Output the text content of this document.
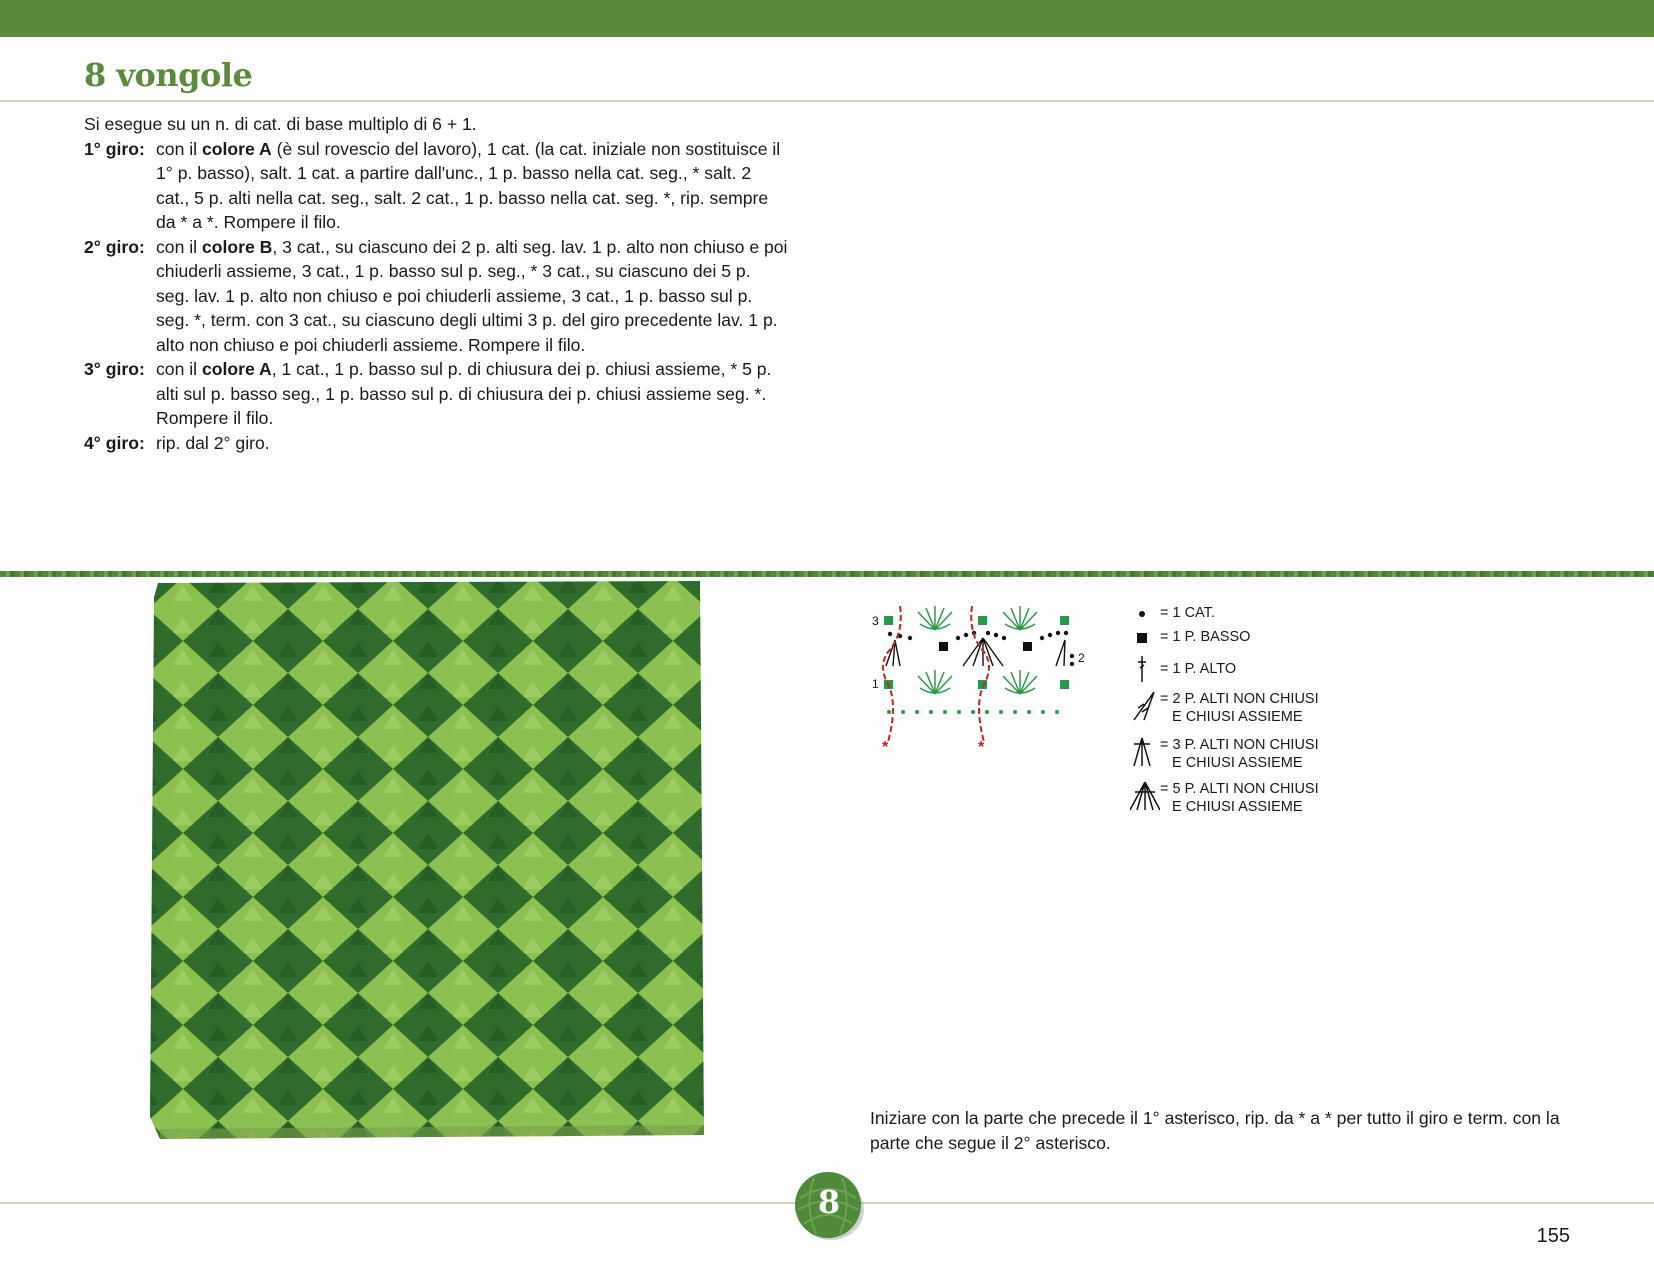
8 vongole

Si esegue su un n. di cat. di base multiplo di 6 + 1.

1° giro: con il colore A (è sul rovescio del lavoro), 1 cat. (la cat. iniziale non sostituisce il 1° p. basso), salt. 1 cat. a partire dall'unc., 1 p. basso nella cat. seg., * salt. 2 cat., 5 p. alti nella cat. seg., salt. 2 cat., 1 p. basso nella cat. seg. *, rip. sempre da * a *. Rompere il filo.
2° giro: con il colore B, 3 cat., su ciascuno dei 2 p. alti seg. lav. 1 p. alto non chiuso e poi chiuderli assieme, 3 cat., 1 p. basso sul p. seg., * 3 cat., su ciascuno dei 5 p. seg. lav. 1 p. alto non chiuso e poi chiuderli assieme, 3 cat., 1 p. basso sul p. seg. *, term. con 3 cat., su ciascuno degli ultimi 3 p. del giro precedente lav. 1 p. alto non chiuso e poi chiuderli assieme. Rompere il filo.
3° giro: con il colore A, 1 cat., 1 p. basso sul p. di chiusura dei p. chiusi assieme, * 5 p. alti sul p. basso seg., 1 p. basso sul p. di chiusura dei p. chiusi assieme seg. *. Rompere il filo.
4° giro: rip. dal 2° giro.
3
2
1
*	*
= 1 CAT.
= 1 P. BASSO
= 1 P. ALTO
= 2 P. ALTI NON CHIUSI
E CHIUSI ASSIEME
= 3 P. ALTI NON CHIUSI
E CHIUSI ASSIEME
= 5 P. ALTI NON CHIUSI
E CHIUSI ASSIEME

Iniziare con la parte che precede il 1° asterisco, rip. da * a * per tutto il giro e term. con la parte che segue il 2° asterisco.

8
155
